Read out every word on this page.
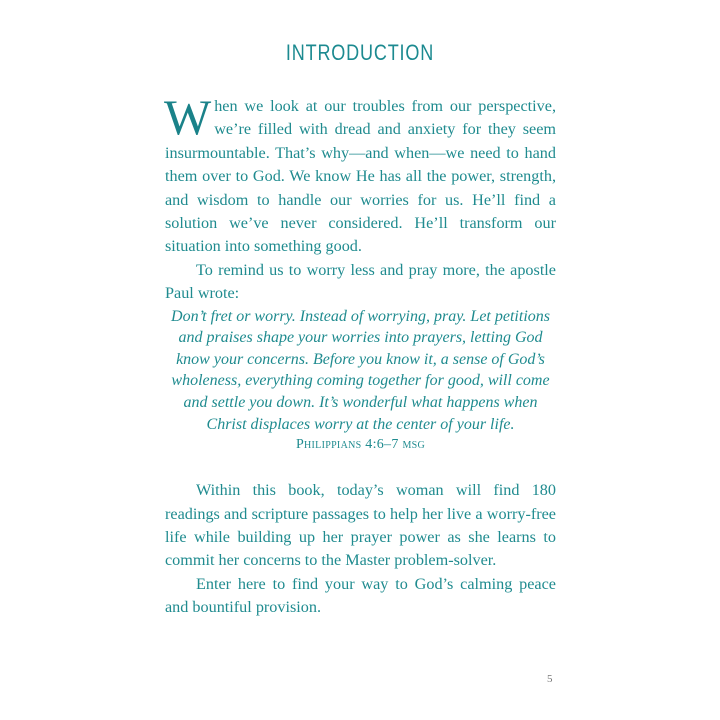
INTRODUCTION

When we look at our troubles from our perspective, we’re filled with dread and anxiety for they seem insurmountable. That’s why—and when—we need to hand them over to God. We know He has all the power, strength, and wisdom to handle our worries for us. He’ll find a solution we’ve never considered. He’ll transform our situation into something good.

To remind us to worry less and pray more, the apostle Paul wrote:

Don’t fret or worry. Instead of worrying, pray. Let petitions and praises shape your worries into prayers, letting God know your concerns. Before you know it, a sense of God’s wholeness, everything coming together for good, will come and settle you down. It’s wonderful what happens when Christ displaces worry at the center of your life.

Philippians 4:6–7 msg

Within this book, today’s woman will find 180 readings and scripture passages to help her live a worry-free life while building up her prayer power as she learns to commit her concerns to the Master problem-solver.

Enter here to find your way to God’s calming peace and bountiful provision.

5
